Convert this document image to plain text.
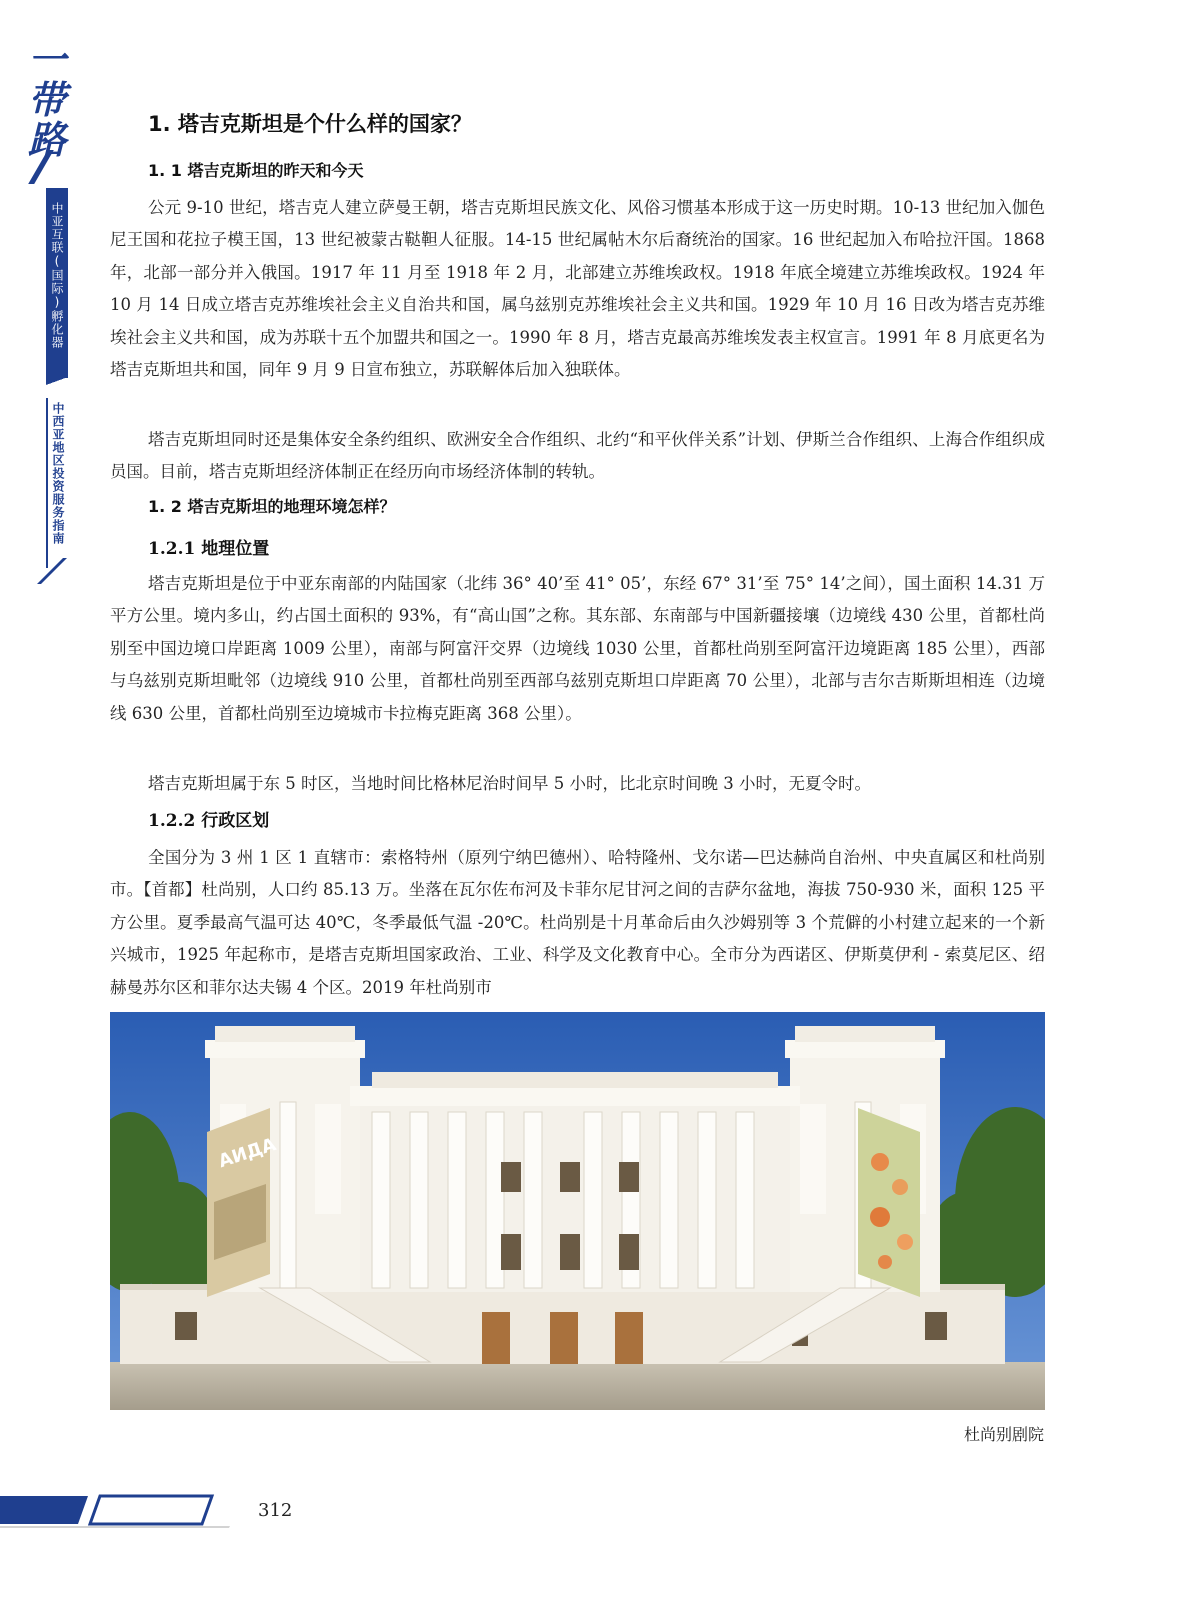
一
带
路
中亚互联(国际)孵化器
中西亚地区投资服务指南
1. 塔吉克斯坦是个什么样的国家？
1. 1 塔吉克斯坦的昨天和今天

公元 9-10 世纪，塔吉克人建立萨曼王朝，塔吉克斯坦民族文化、风俗习惯基本形成于这一历史时期。10-13 世纪加入伽色尼王国和花拉子模王国，13 世纪被蒙古鞑靼人征服。14-15 世纪属帖木尔后裔统治的国家。16 世纪起加入布哈拉汗国。1868 年，北部一部分并入俄国。1917 年 11 月至 1918 年 2 月，北部建立苏维埃政权。1918 年底全境建立苏维埃政权。1924 年 10 月 14 日成立塔吉克苏维埃社会主义自治共和国，属乌兹别克苏维埃社会主义共和国。1929 年 10 月 16 日改为塔吉克苏维埃社会主义共和国，成为苏联十五个加盟共和国之一。1990 年 8 月，塔吉克最高苏维埃发表主权宣言。1991 年 8 月底更名为塔吉克斯坦共和国，同年 9 月 9 日宣布独立，苏联解体后加入独联体。

塔吉克斯坦同时还是集体安全条约组织、欧洲安全合作组织、北约“和平伙伴关系”计划、伊斯兰合作组织、上海合作组织成员国。目前，塔吉克斯坦经济体制正在经历向市场经济体制的转轨。

1. 2 塔吉克斯坦的地理环境怎样？
1.2.1 地理位置

塔吉克斯坦是位于中亚东南部的内陆国家（北纬 36° 40’至 41° 05’，东经 67° 31’至 75° 14’之间），国土面积 14.31 万平方公里。境内多山，约占国土面积的 93%，有“高山国”之称。其东部、东南部与中国新疆接壤（边境线 430 公里，首都杜尚别至中国边境口岸距离 1009 公里），南部与阿富汗交界（边境线 1030 公里，首都杜尚别至阿富汗边境距离 185 公里），西部与乌兹别克斯坦毗邻（边境线 910 公里，首都杜尚别至西部乌兹别克斯坦口岸距离 70 公里），北部与吉尔吉斯斯坦相连（边境线 630 公里，首都杜尚别至边境城市卡拉梅克距离 368 公里）。

塔吉克斯坦属于东 5 时区，当地时间比格林尼治时间早 5 小时，比北京时间晚 3 小时，无夏令时。

1.2.2 行政区划

全国分为 3 州 1 区 1 直辖市：索格特州（原列宁纳巴德州）、哈特隆州、戈尔诺—巴达赫尚自治州、中央直属区和杜尚别市。【首都】杜尚别，人口约 85.13 万。坐落在瓦尔佐布河及卡菲尔尼甘河之间的吉萨尔盆地，海拔 750-930 米，面积 125 平方公里。夏季最高气温可达 40℃，冬季最低气温 -20℃。杜尚别是十月革命后由久沙姆别等 3 个荒僻的小村建立起来的一个新兴城市，1925 年起称市，是塔吉克斯坦国家政治、工业、科学及文化教育中心。全市分为西诺区、伊斯莫伊利 - 索莫尼区、绍赫曼苏尔区和菲尔达夫锡 4 个区。2019 年杜尚别市

АИДА
杜尚别剧院
312
